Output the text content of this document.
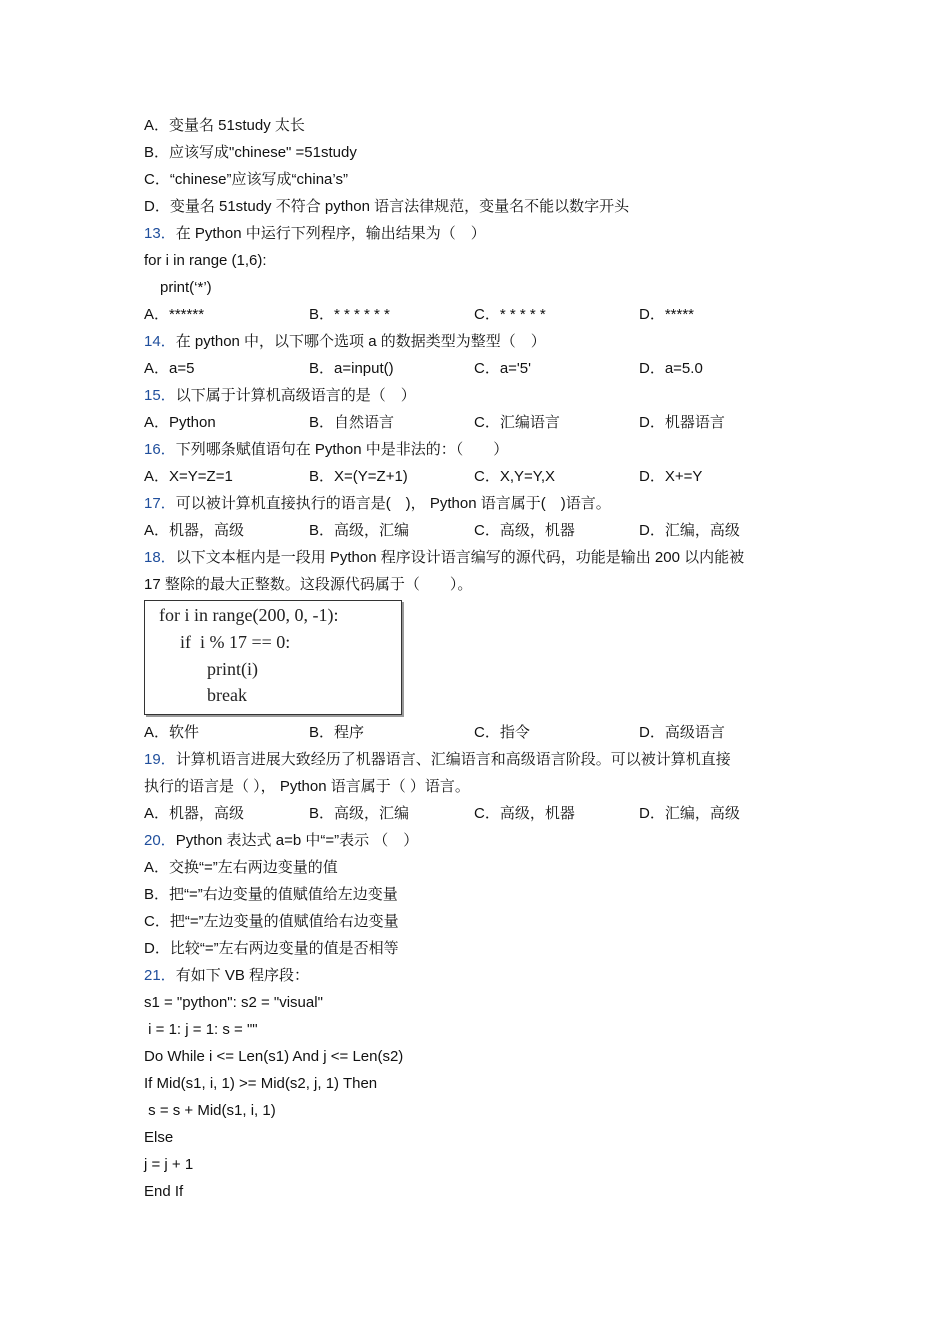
A．变量名 51study 太长
B．应该写成"chinese" =51study
C．“chinese”应该写成“china’s”
D．变量名 51study 不符合 python 语言法律规范，变量名不能以数字开头
13．在 Python 中运行下列程序，输出结果为（　）
for i in range (1,6):
print(‘*’)
A．******	B．* * * * * *	C．* * * * *	D．*****
14．在 python 中，以下哪个选项 a 的数据类型为整型（　）
A．a=5	B．a=input()	C．a='5'	D．a=5.0
15．以下属于计算机高级语言的是（　）
A．Python	B．自然语言	C．汇编语言	D．机器语言
16．下列哪条赋值语句在 Python 中是非法的：（　　）
A．X=Y=Z=1	B．X=(Y=Z+1)	C．X,Y=Y,X	D．X+=Y
17．可以被计算机直接执行的语言是(　)， Python 语言属于(　)语言。
A．机器，高级	B．高级，汇编	C．高级，机器	D．汇编，高级
18．以下文本框内是一段用 Python 程序设计语言编写的源代码，功能是输出 200 以内能被
17 整除的最大正整数。这段源代码属于（　　）。
for i in range(200, 0, -1):
if  i % 17 == 0:
print(i)
break
A．软件	B．程序	C．指令	D．高级语言
19．计算机语言进展大致经历了机器语言、汇编语言和高级语言阶段。可以被计算机直接
执行的语言是（ ）， Python 语言属于（ ）语言。
A．机器，高级	B．高级，汇编	C．高级，机器	D．汇编，高级
20．Python 表达式 a=b 中“=”表示 （　）
A．交换“=”左右两边变量的值
B．把“=”右边变量的值赋值给左边变量
C．把“=”左边变量的值赋值给右边变量
D．比较“=”左右两边变量的值是否相等
21．有如下 VB 程序段：
s1 = "python": s2 = "visual"
i = 1: j = 1: s = ""
Do While i <= Len(s1) And j <= Len(s2)
If Mid(s1, i, 1) >= Mid(s2, j, 1) Then
s = s + Mid(s1, i, 1)
Else
j = j + 1
End If
